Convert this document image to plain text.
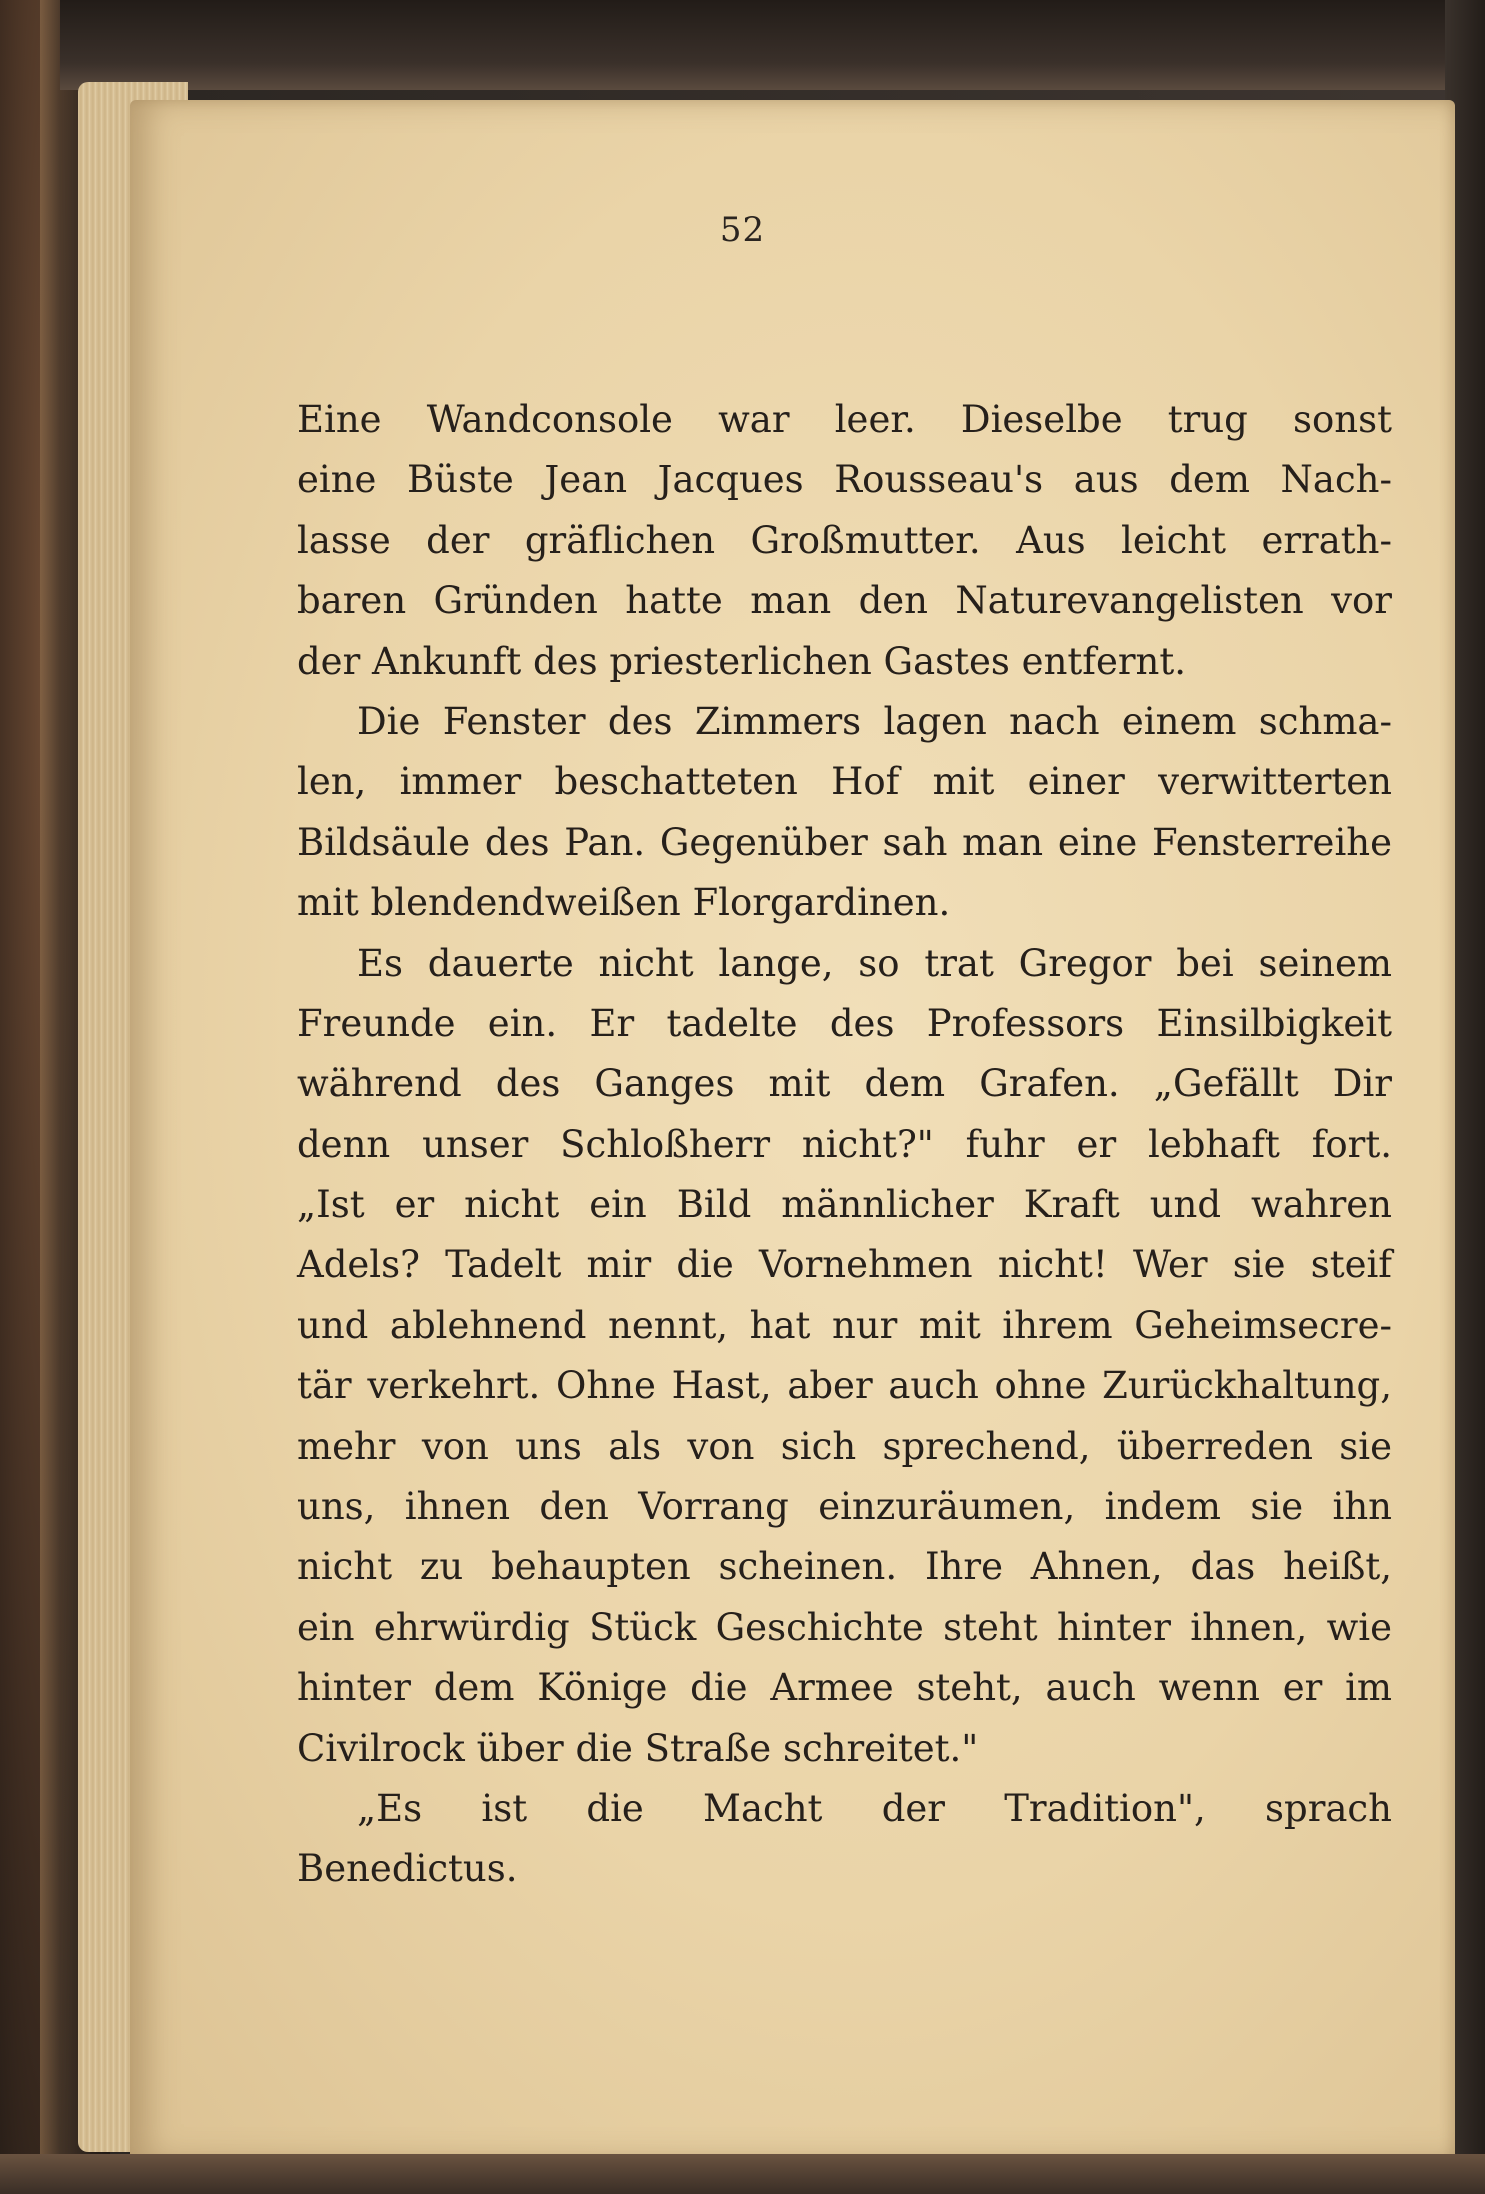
52
Eine Wandconsole war leer. Dieselbe trug sonst
eine Büste Jean Jacques Rousseau's aus dem Nach-
lasse der gräflichen Großmutter. Aus leicht errath-
baren Gründen hatte man den Naturevangelisten vor
der Ankunft des priesterlichen Gastes entfernt.
Die Fenster des Zimmers lagen nach einem schma-
len, immer beschatteten Hof mit einer verwitterten
Bildsäule des Pan. Gegenüber sah man eine Fensterreihe
mit blendendweißen Florgardinen.
Es dauerte nicht lange, so trat Gregor bei seinem
Freunde ein. Er tadelte des Professors Einsilbigkeit
während des Ganges mit dem Grafen. „Gefällt Dir
denn unser Schloßherr nicht?" fuhr er lebhaft fort.
„Ist er nicht ein Bild männlicher Kraft und wahren
Adels? Tadelt mir die Vornehmen nicht! Wer sie steif
und ablehnend nennt, hat nur mit ihrem Geheimsecre-
tär verkehrt. Ohne Hast, aber auch ohne Zurückhaltung,
mehr von uns als von sich sprechend, überreden sie
uns, ihnen den Vorrang einzuräumen, indem sie ihn
nicht zu behaupten scheinen. Ihre Ahnen, das heißt,
ein ehrwürdig Stück Geschichte steht hinter ihnen, wie
hinter dem Könige die Armee steht, auch wenn er im
Civilrock über die Straße schreitet."
„Es ist die Macht der Tradition", sprach
Benedictus.
